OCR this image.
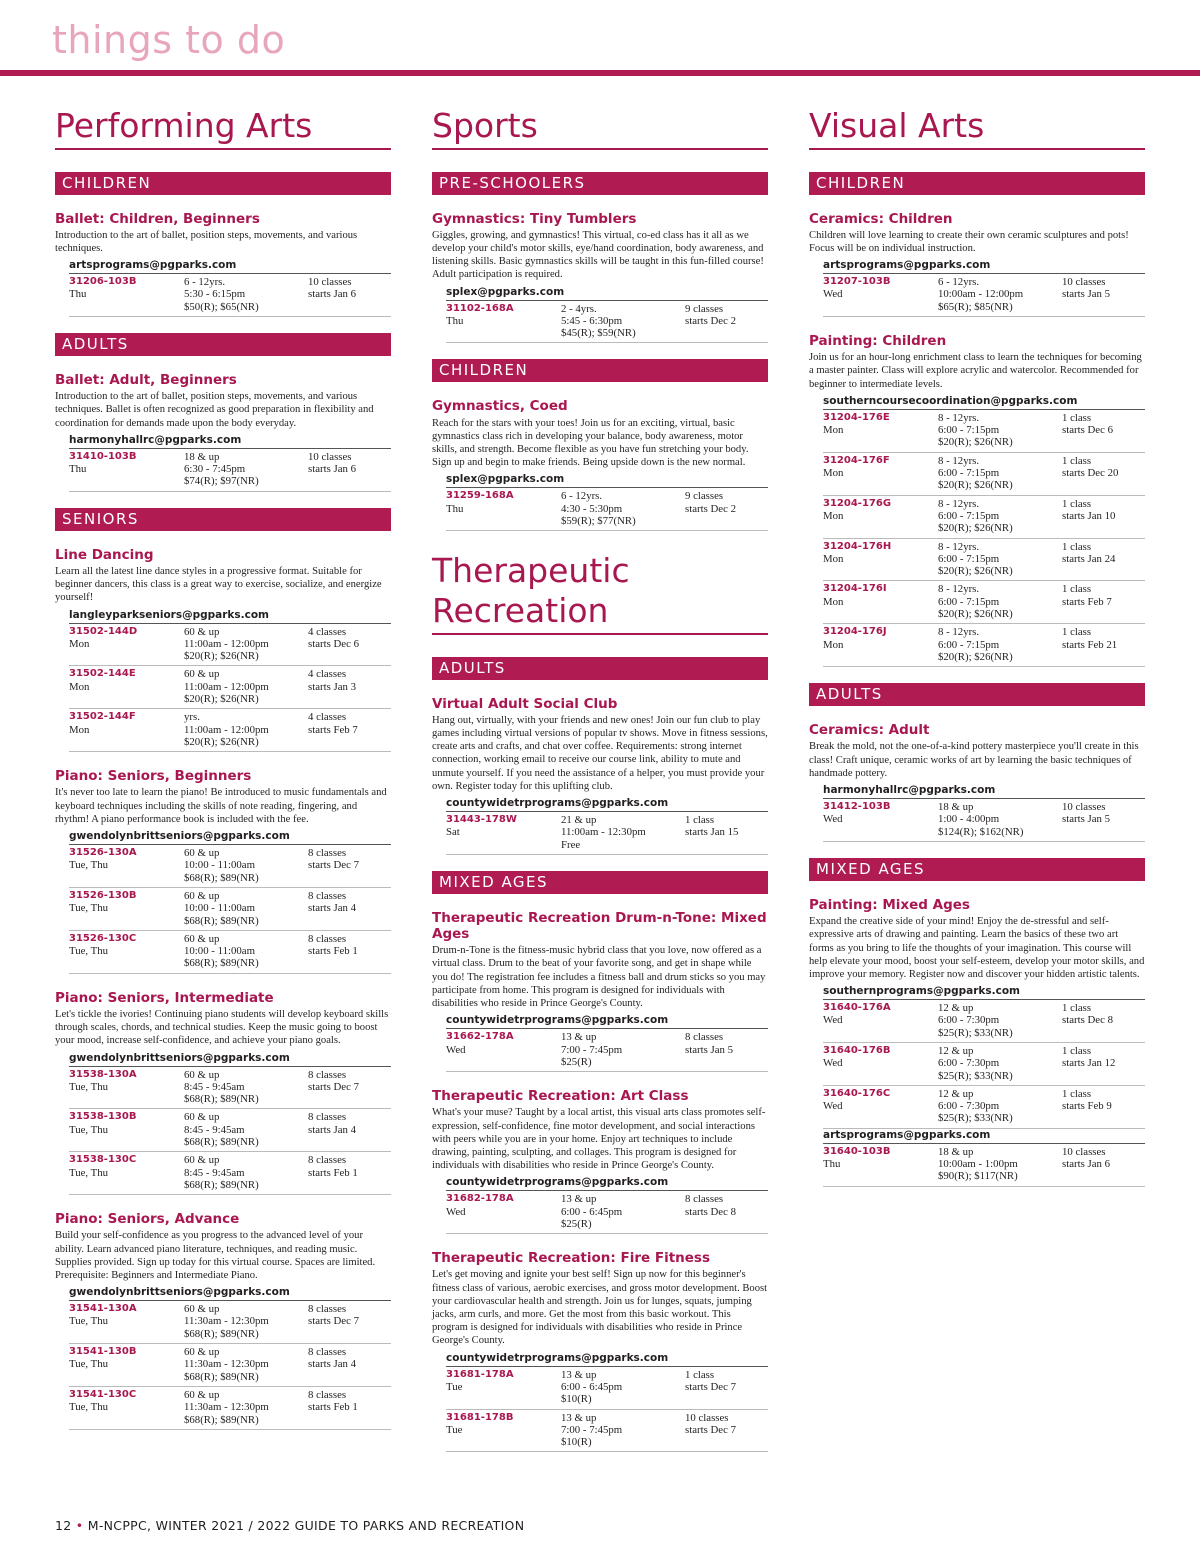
things to do
Performing Arts
CHILDREN
Ballet: Children, Beginners
Introduction to the art of ballet, position steps, movements, and various techniques.
artsprograms@pgparks.com
31206-103B
Thu
6 - 12yrs.
5:30 - 6:15pm
$50(R); $65(NR)
10 classes
starts Jan 6
ADULTS
Ballet: Adult, Beginners
Introduction to the art of ballet, position steps, movements, and various techniques. Ballet is often recognized as good preparation in flexibility and coordination for demands made upon the body everyday.
harmonyhallrc@pgparks.com
31410-103B
Thu
18 & up
6:30 - 7:45pm
$74(R); $97(NR)
10 classes
starts Jan 6
SENIORS
Line Dancing
Learn all the latest line dance styles in a progressive format. Suitable for beginner dancers, this class is a great way to exercise, socialize, and energize yourself!
langleyparkseniors@pgparks.com
31502-144D
Mon
60 & up
11:00am - 12:00pm
$20(R); $26(NR)
4 classes
starts Dec 6
31502-144E
Mon
60 & up
11:00am - 12:00pm
$20(R); $26(NR)
4 classes
starts Jan 3
31502-144F
Mon
yrs.
11:00am - 12:00pm
$20(R); $26(NR)
4 classes
starts Feb 7
Piano: Seniors, Beginners
It's never too late to learn the piano! Be introduced to music fundamentals and keyboard techniques including the skills of note reading, fingering, and rhythm! A piano performance book is included with the fee.
gwendolynbrittseniors@pgparks.com
31526-130A
Tue, Thu
60 & up
10:00 - 11:00am
$68(R); $89(NR)
8 classes
starts Dec 7
31526-130B
Tue, Thu
60 & up
10:00 - 11:00am
$68(R); $89(NR)
8 classes
starts Jan 4
31526-130C
Tue, Thu
60 & up
10:00 - 11:00am
$68(R); $89(NR)
8 classes
starts Feb 1
Piano: Seniors, Intermediate
Let's tickle the ivories! Continuing piano students will develop keyboard skills through scales, chords, and technical studies. Keep the music going to boost your mood, increase self-confidence, and achieve your piano goals.
gwendolynbrittseniors@pgparks.com
31538-130A
Tue, Thu
60 & up
8:45 - 9:45am
$68(R); $89(NR)
8 classes
starts Dec 7
31538-130B
Tue, Thu
60 & up
8:45 - 9:45am
$68(R); $89(NR)
8 classes
starts Jan 4
31538-130C
Tue, Thu
60 & up
8:45 - 9:45am
$68(R); $89(NR)
8 classes
starts Feb 1
Piano: Seniors, Advance
Build your self-confidence as you progress to the advanced level of your ability. Learn advanced piano literature, techniques, and reading music. Supplies provided. Sign up today for this virtual course. Spaces are limited. Prerequisite: Beginners and Intermediate Piano.
gwendolynbrittseniors@pgparks.com
31541-130A
Tue, Thu
60 & up
11:30am - 12:30pm
$68(R); $89(NR)
8 classes
starts Dec 7
31541-130B
Tue, Thu
60 & up
11:30am - 12:30pm
$68(R); $89(NR)
8 classes
starts Jan 4
31541-130C
Tue, Thu
60 & up
11:30am - 12:30pm
$68(R); $89(NR)
8 classes
starts Feb 1
Sports
PRE-SCHOOLERS
Gymnastics: Tiny Tumblers
Giggles, growing, and gymnastics! This virtual, co-ed class has it all as we develop your child's motor skills, eye/hand coordination, body awareness, and listening skills. Basic gymnastics skills will be taught in this fun-filled course! Adult participation is required.
splex@pgparks.com
31102-168A
Thu
2 - 4yrs.
5:45 - 6:30pm
$45(R); $59(NR)
9 classes
starts Dec 2
CHILDREN
Gymnastics, Coed
Reach for the stars with your toes! Join us for an exciting, virtual, basic gymnastics class rich in developing your balance, body awareness, motor skills, and strength. Become flexible as you have fun stretching your body. Sign up and begin to make friends. Being upside down is the new normal.
splex@pgparks.com
31259-168A
Thu
6 - 12yrs.
4:30 - 5:30pm
$59(R); $77(NR)
9 classes
starts Dec 2
Therapeutic Recreation
ADULTS
Virtual Adult Social Club
Hang out, virtually, with your friends and new ones! Join our fun club to play games including virtual versions of popular tv shows. Move in fitness sessions, create arts and crafts, and chat over coffee. Requirements: strong internet connection, working email to receive our course link, ability to mute and unmute yourself. If you need the assistance of a helper, you must provide your own. Register today for this uplifting club.
countywidetrprograms@pgparks.com
31443-178W
Sat
21 & up
11:00am - 12:30pm
Free
1 class
starts Jan 15
MIXED AGES
Therapeutic Recreation Drum-n-Tone: Mixed Ages
Drum-n-Tone is the fitness-music hybrid class that you love, now offered as a virtual class. Drum to the beat of your favorite song, and get in shape while you do! The registration fee includes a fitness ball and drum sticks so you may participate from home. This program is designed for individuals with disabilities who reside in Prince George's County.
countywidetrprograms@pgparks.com
31662-178A
Wed
13 & up
7:00 - 7:45pm
$25(R)
8 classes
starts Jan 5
Therapeutic Recreation: Art Class
What's your muse? Taught by a local artist, this visual arts class promotes self-expression, self-confidence, fine motor development, and social interactions with peers while you are in your home. Enjoy art techniques to include drawing, painting, sculpting, and collages. This program is designed for individuals with disabilities who reside in Prince George's County.
countywidetrprograms@pgparks.com
31682-178A
Wed
13 & up
6:00 - 6:45pm
$25(R)
8 classes
starts Dec 8
Therapeutic Recreation: Fire Fitness
Let's get moving and ignite your best self! Sign up now for this beginner's fitness class of various, aerobic exercises, and gross motor development. Boost your cardiovascular health and strength. Join us for lunges, squats, jumping jacks, arm curls, and more. Get the most from this basic workout. This program is designed for individuals with disabilities who reside in Prince George's County.
countywidetrprograms@pgparks.com
31681-178A
Tue
13 & up
6:00 - 6:45pm
$10(R)
1 class
starts Dec 7
31681-178B
Tue
13 & up
7:00 - 7:45pm
$10(R)
10 classes
starts Dec 7
Visual Arts
CHILDREN
Ceramics: Children
Children will love learning to create their own ceramic sculptures and pots! Focus will be on individual instruction.
artsprograms@pgparks.com
31207-103B
Wed
6 - 12yrs.
10:00am - 12:00pm
$65(R); $85(NR)
10 classes
starts Jan 5
Painting: Children
Join us for an hour-long enrichment class to learn the techniques for becoming a master painter. Class will explore acrylic and watercolor. Recommended for beginner to intermediate levels.
southerncoursecoordination@pgparks.com
31204-176E
Mon
8 - 12yrs.
6:00 - 7:15pm
$20(R); $26(NR)
1 class
starts Dec 6
31204-176F
Mon
8 - 12yrs.
6:00 - 7:15pm
$20(R); $26(NR)
1 class
starts Dec 20
31204-176G
Mon
8 - 12yrs.
6:00 - 7:15pm
$20(R); $26(NR)
1 class
starts Jan 10
31204-176H
Mon
8 - 12yrs.
6:00 - 7:15pm
$20(R); $26(NR)
1 class
starts Jan 24
31204-176I
Mon
8 - 12yrs.
6:00 - 7:15pm
$20(R); $26(NR)
1 class
starts Feb 7
31204-176J
Mon
8 - 12yrs.
6:00 - 7:15pm
$20(R); $26(NR)
1 class
starts Feb 21
ADULTS
Ceramics: Adult
Break the mold, not the one-of-a-kind pottery masterpiece you'll create in this class! Craft unique, ceramic works of art by learning the basic techniques of handmade pottery.
harmonyhallrc@pgparks.com
31412-103B
Wed
18 & up
1:00 - 4:00pm
$124(R); $162(NR)
10 classes
starts Jan 5
MIXED AGES
Painting: Mixed Ages
Expand the creative side of your mind! Enjoy the de-stressful and self-expressive arts of drawing and painting. Learn the basics of these two art forms as you bring to life the thoughts of your imagination. This course will help elevate your mood, boost your self-esteem, develop your motor skills, and improve your memory. Register now and discover your hidden artistic talents.
southernprograms@pgparks.com
31640-176A
Wed
12 & up
6:00 - 7:30pm
$25(R); $33(NR)
1 class
starts Dec 8
31640-176B
Wed
12 & up
6:00 - 7:30pm
$25(R); $33(NR)
1 class
starts Jan 12
31640-176C
Wed
12 & up
6:00 - 7:30pm
$25(R); $33(NR)
1 class
starts Feb 9
artsprograms@pgparks.com
31640-103B
Thu
18 & up
10:00am - 1:00pm
$90(R); $117(NR)
10 classes
starts Jan 6
12 • M-NCPPC, WINTER 2021 / 2022 GUIDE TO PARKS AND RECREATION
